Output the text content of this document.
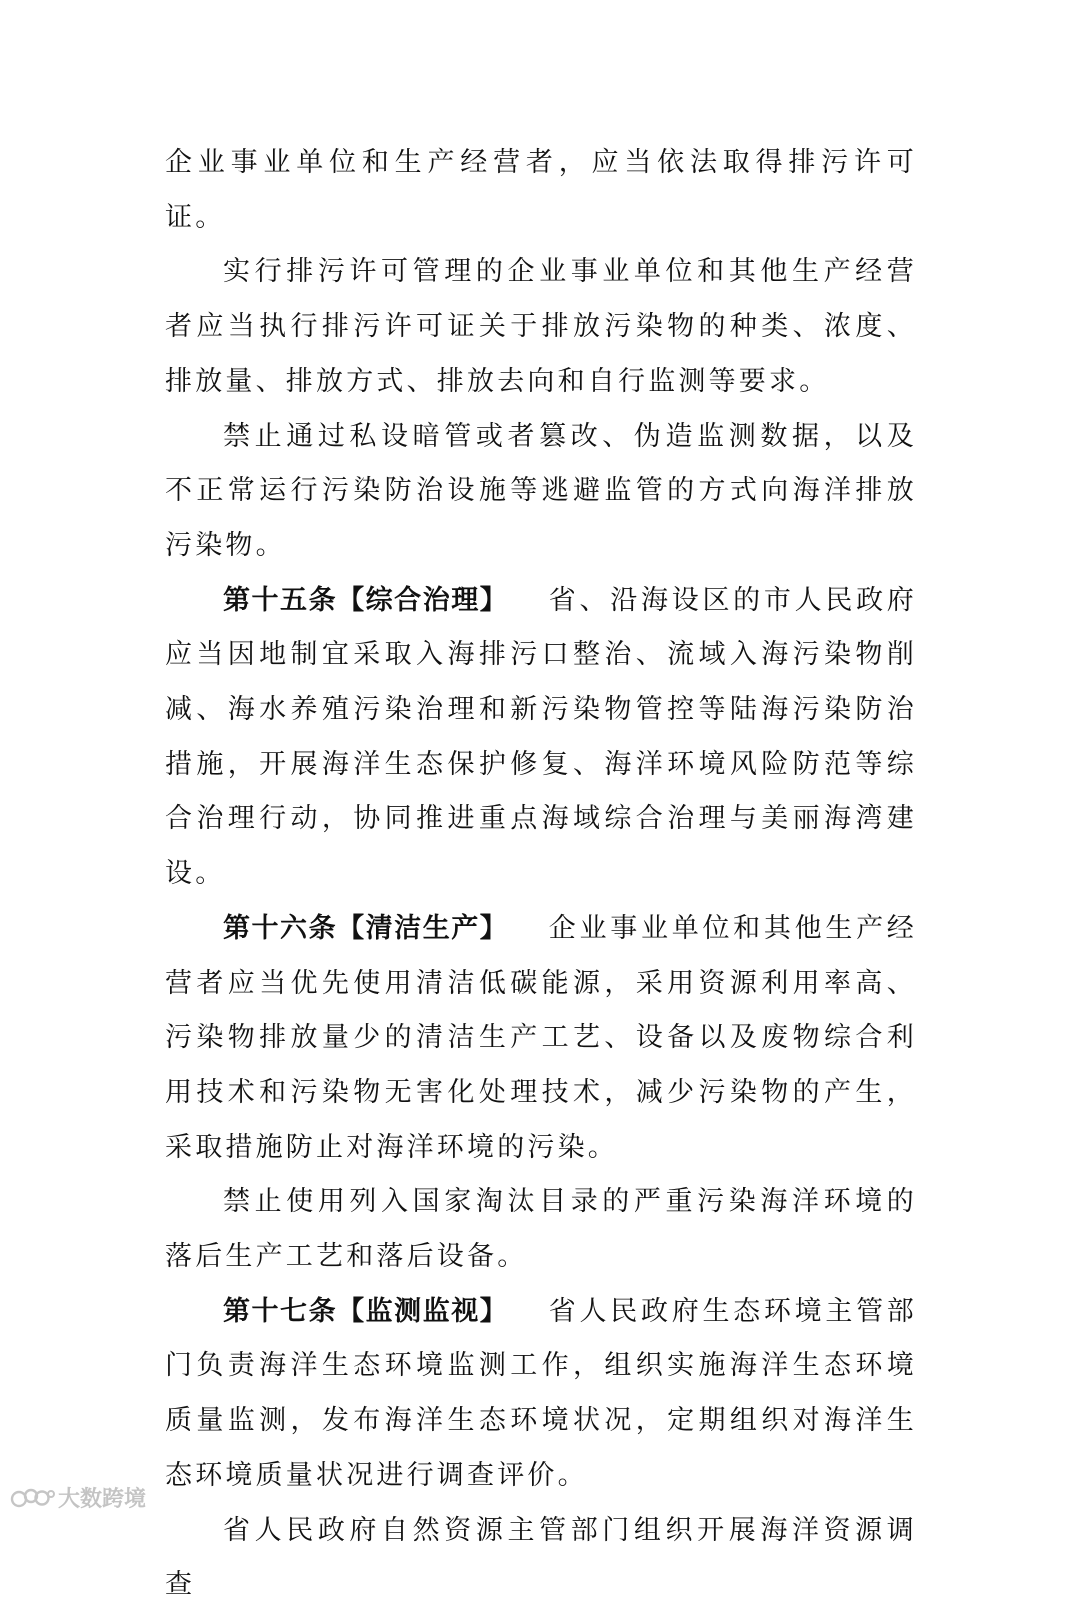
企业事业单位和生产经营者，应当依法取得排污许可证。

实行排污许可管理的企业事业单位和其他生产经营者应当执行排污许可证关于排放污染物的种类、浓度、排放量、排放方式、排放去向和自行监测等要求。

禁止通过私设暗管或者篡改、伪造监测数据，以及不正常运行污染防治设施等逃避监管的方式向海洋排放污染物。

第十五条【综合治理】 省、沿海设区的市人民政府应当因地制宜采取入海排污口整治、流域入海污染物削减、海水养殖污染治理和新污染物管控等陆海污染防治措施，开展海洋生态保护修复、海洋环境风险防范等综合治理行动，协同推进重点海域综合治理与美丽海湾建设。

第十六条【清洁生产】 企业事业单位和其他生产经营者应当优先使用清洁低碳能源，采用资源利用率高、污染物排放量少的清洁生产工艺、设备以及废物综合利用技术和污染物无害化处理技术，减少污染物的产生，采取措施防止对海洋环境的污染。

禁止使用列入国家淘汰目录的严重污染海洋环境的落后生产工艺和落后设备。

第十七条【监测监视】 省人民政府生态环境主管部门负责海洋生态环境监测工作，组织实施海洋生态环境质量监测，发布海洋生态环境状况，定期组织对海洋生态环境质量状况进行调查评价。

省人民政府自然资源主管部门组织开展海洋资源调查

大数跨境
